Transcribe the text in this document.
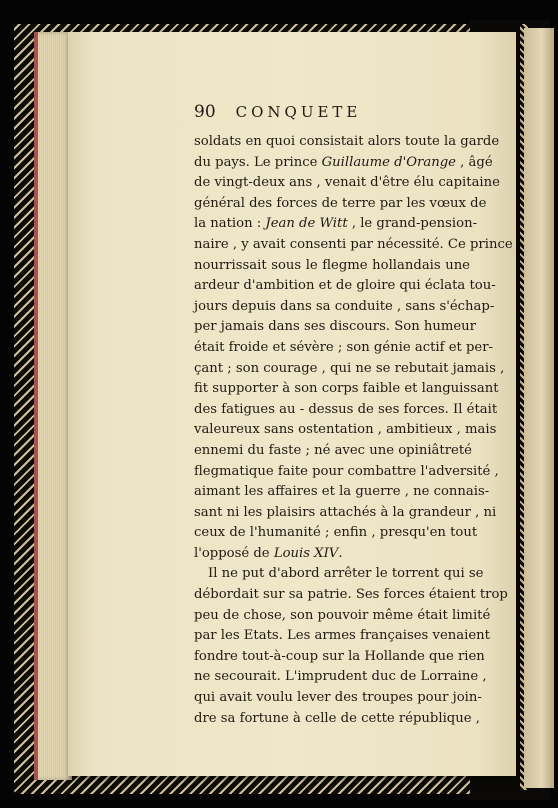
90 CONQUETE
soldats en quoi consistait alors toute la garde
du pays. Le prince Guillaume d'Orange , âgé
de vingt-deux ans , venait d'être élu capitaine
général des forces de terre par les vœux de
la nation : Jean de Witt , le grand-pension-
naire , y avait consenti par nécessité. Ce prince
nourrissait sous le flegme hollandais une
ardeur d'ambition et de gloire qui éclata tou-
jours depuis dans sa conduite , sans s'échap-
per jamais dans ses discours. Son humeur
était froide et sévère ; son génie actif et per-
çant ; son courage , qui ne se rebutait jamais ,
fit supporter à son corps faible et languissant
des fatigues au - dessus de ses forces. Il était
valeureux sans ostentation , ambitieux , mais
ennemi du faste ; né avec une opiniâtreté
flegmatique faite pour combattre l'adversité ,
aimant les affaires et la guerre , ne connais-
sant ni les plaisirs attachés à la grandeur , ni
ceux de l'humanité ; enfin , presqu'en tout
l'opposé de Louis XIV.
Il ne put d'abord arrêter le torrent qui se
débordait sur sa patrie. Ses forces étaient trop
peu de chose, son pouvoir même était limité
par les Etats. Les armes françaises venaient
fondre tout-à-coup sur la Hollande que rien
ne secourait. L'imprudent duc de Lorraine ,
qui avait voulu lever des troupes pour join-
dre sa fortune à celle de cette république ,
